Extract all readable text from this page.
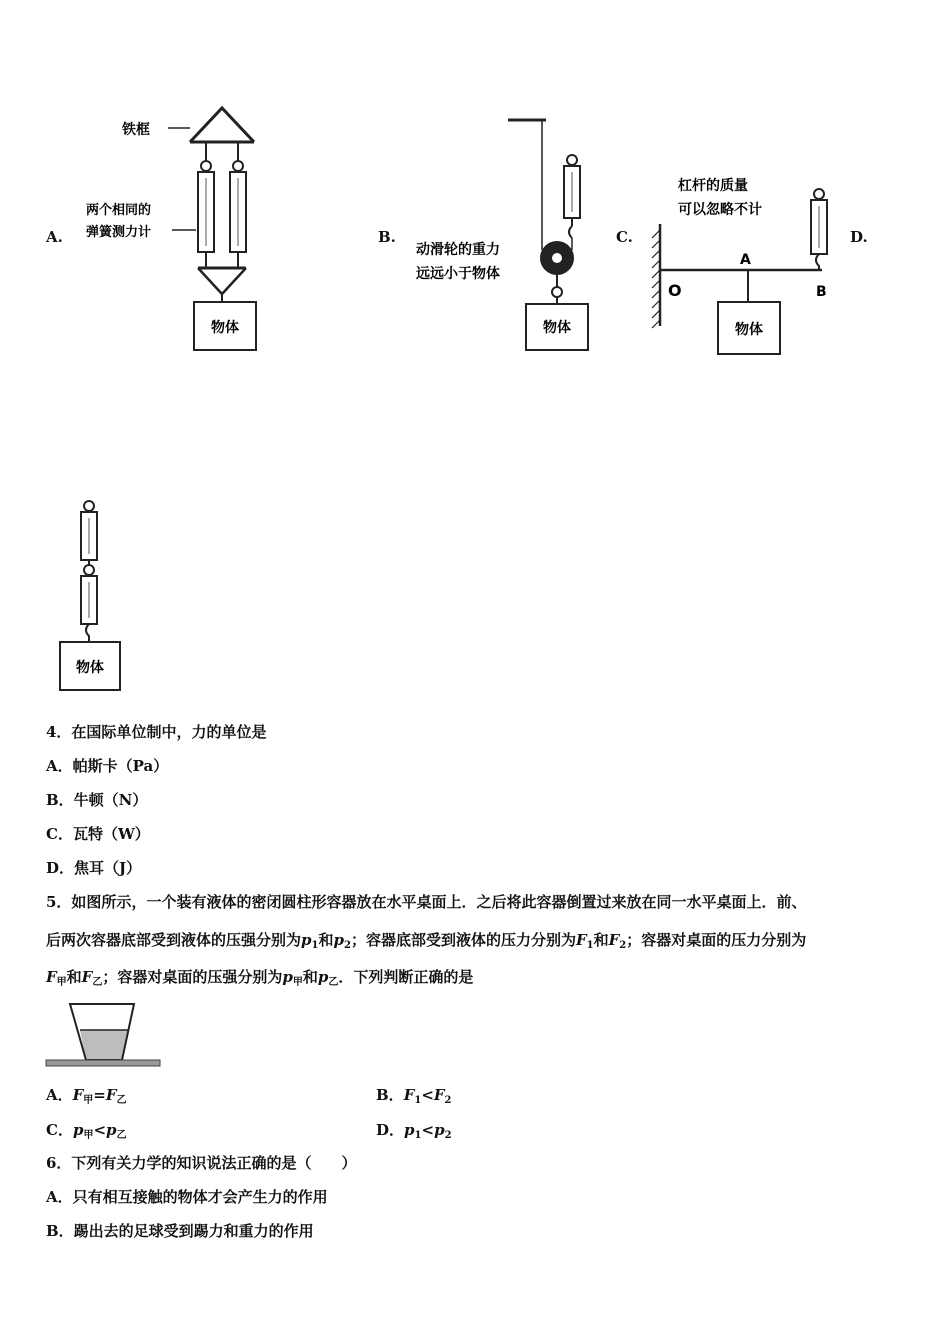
A.
铁框
两个相同的
弹簧测力计
物体
B.
动滑轮的重力
远远小于物体
物体
C.
杠杆的质量
可以忽略不计
O
A
B
物体
D.
物体
4．在国际单位制中，力的单位是
A．帕斯卡（Pa）
B．牛顿（N）
C．瓦特（W）
D．焦耳（J）
5．如图所示，一个装有液体的密闭圆柱形容器放在水平桌面上．之后将此容器倒置过来放在同一水平桌面上．前、
后两次容器底部受到液体的压强分别为$p_1$和$p_2$；容器底部受到液体的压力分别为$F_1$和$F_2$；容器对桌面的压力分别为
$F_甲$和$F_乙$；容器对桌面的压强分别为$p_甲$和$p_乙$．下列判断正确的是
A．$F_甲=F_乙$	B．$F_1<F_2$
C．$p_甲<p_乙$	D．$p_1<p_2$
6．下列有关力学的知识说法正确的是（　　）
A．只有相互接触的物体才会产生力的作用
B．踢出去的足球受到踢力和重力的作用
